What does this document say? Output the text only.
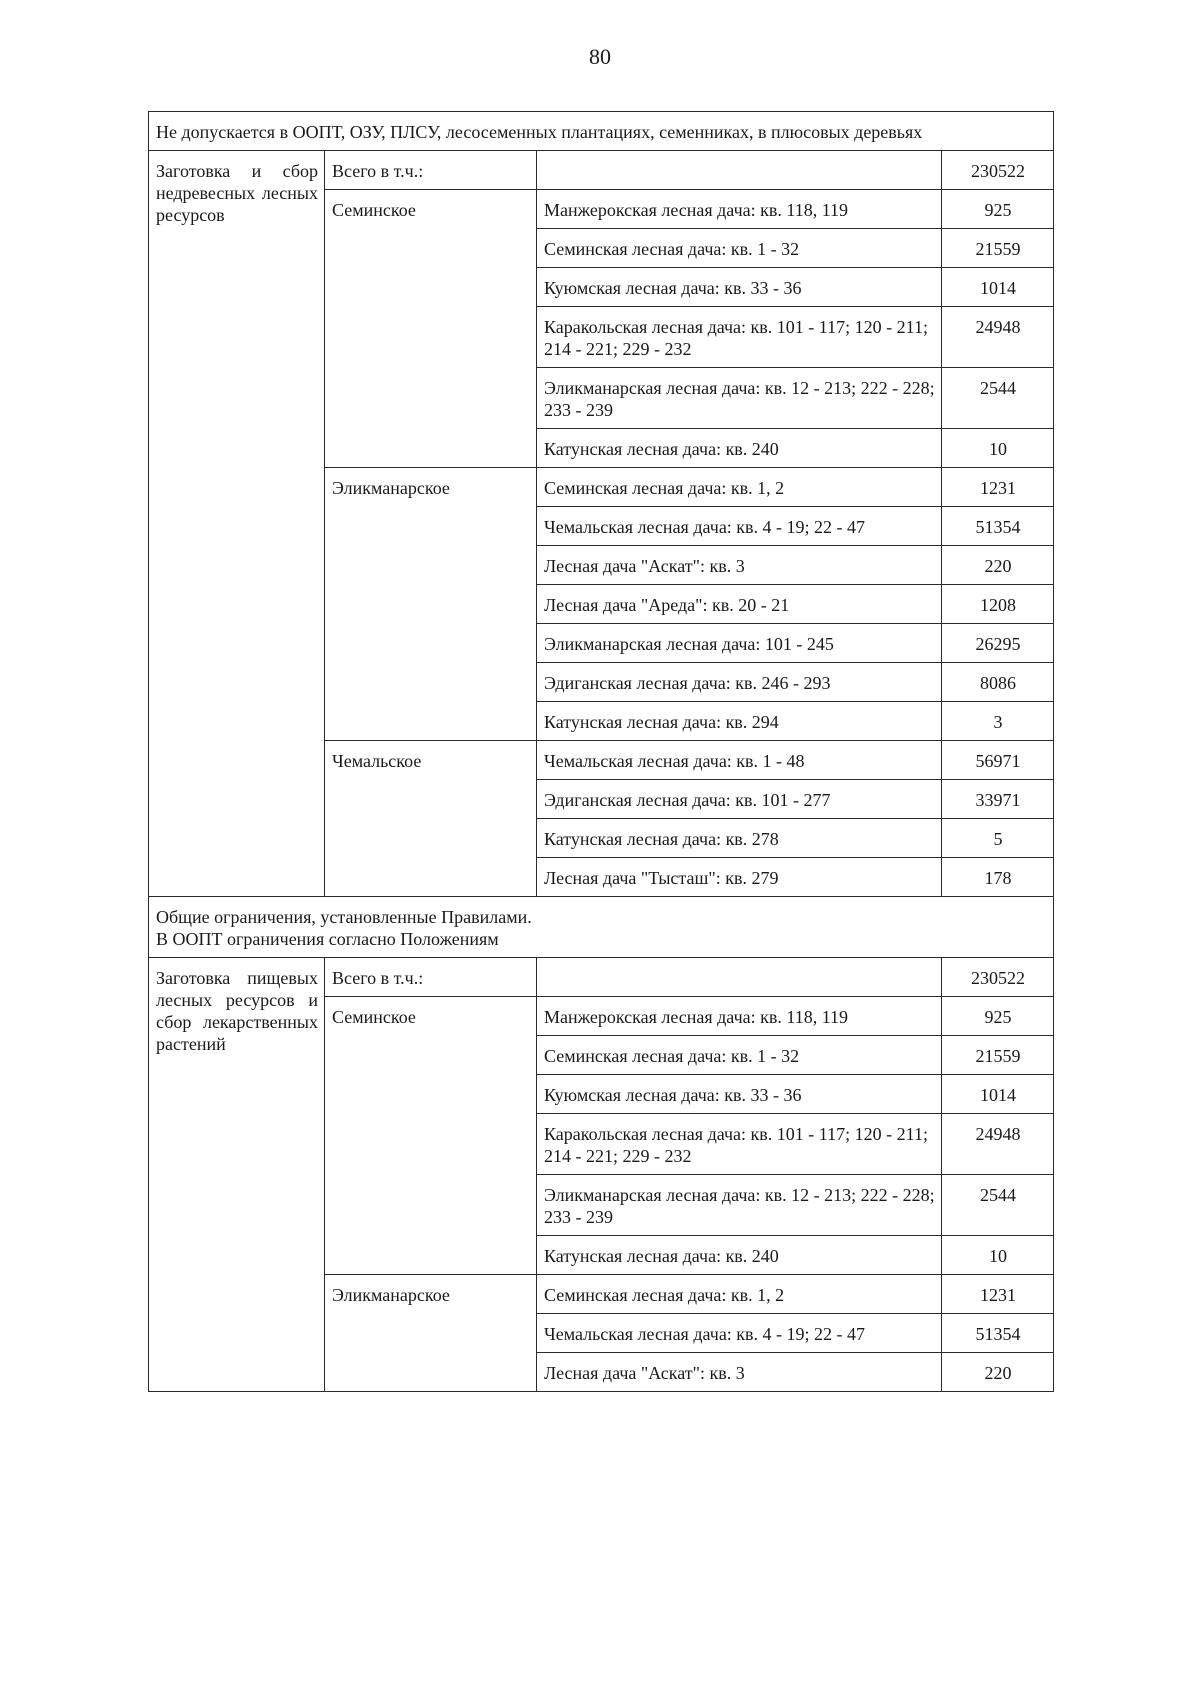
80
Не допускается в ООПТ, ОЗУ, ПЛСУ, лесосеменных плантациях, семенниках, в плюсовых деревьях			

Заготовка и сбор недревесных лесных ресурсов	Всего в т.ч.:		230522
	Семинское	Манжерокская лесная дача: кв. 118, 119	925
		Семинская лесная дача: кв. 1 - 32	21559
		Куюмская лесная дача: кв. 33 - 36	1014
		Каракольская лесная дача: кв. 101 - 117; 120 - 211; 214 - 221; 229 - 232	24948
		Эликманарская лесная дача: кв. 12 - 213; 222 - 228; 233 - 239	2544
		Катунская лесная дача: кв. 240	10
	Эликманарское	Семинская лесная дача: кв. 1, 2	1231
		Чемальская лесная дача: кв. 4 - 19; 22 - 47	51354
		Лесная дача "Аскат": кв. 3	220
		Лесная дача "Ареда": кв. 20 - 21	1208
		Эликманарская лесная дача: 101 - 245	26295
		Эдиганская лесная дача: кв. 246 - 293	8086
		Катунская лесная дача: кв. 294	3
	Чемальское	Чемальская лесная дача: кв. 1 - 48	56971
		Эдиганская лесная дача: кв. 101 - 277	33971
		Катунская лесная дача: кв. 278	5
		Лесная дача "Тысташ": кв. 279	178

Общие ограничения, установленные Правилами.
В ООПТ ограничения согласно Положениям			

Заготовка пищевых лесных ресурсов и сбор лекарственных растений	Всего в т.ч.:		230522
	Семинское	Манжерокская лесная дача: кв. 118, 119	925
		Семинская лесная дача: кв. 1 - 32	21559
		Куюмская лесная дача: кв. 33 - 36	1014
		Каракольская лесная дача: кв. 101 - 117; 120 - 211; 214 - 221; 229 - 232	24948
		Эликманарская лесная дача: кв. 12 - 213; 222 - 228; 233 - 239	2544
		Катунская лесная дача: кв. 240	10
	Эликманарское	Семинская лесная дача: кв. 1, 2	1231
		Чемальская лесная дача: кв. 4 - 19; 22 - 47	51354
		Лесная дача "Аскат": кв. 3	220
